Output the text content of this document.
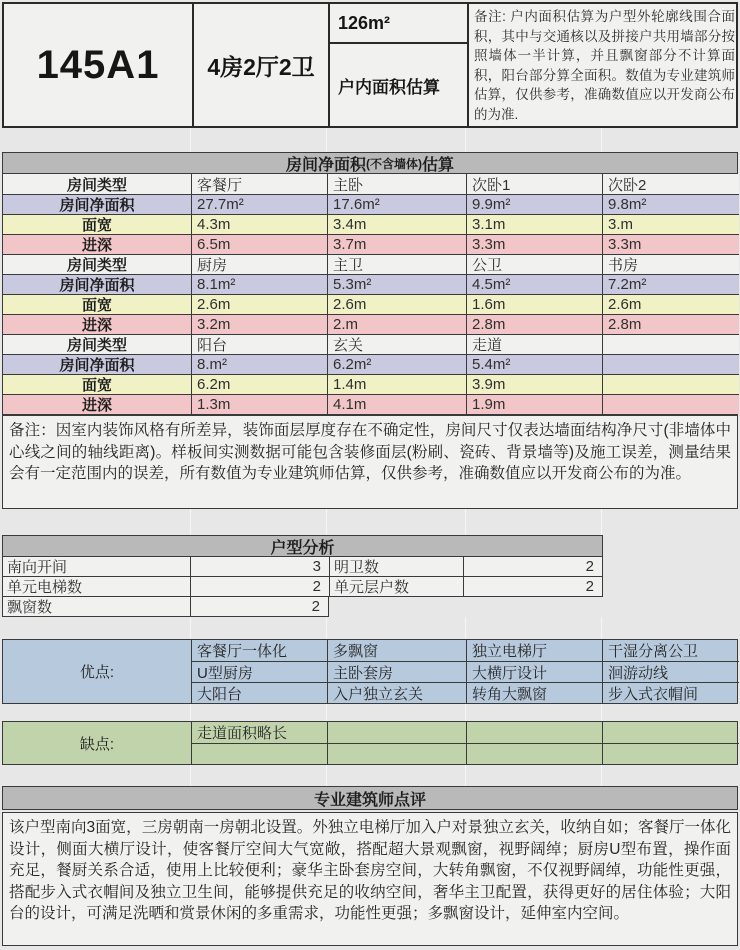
145A1	4房2厅2卫
126m²
户内面积估算
备注: 户内面积估算为户型外轮廓线围合面积，其中与交通核以及拼接户共用墙部分按照墙体一半计算，并且飘窗部分不计算面积，阳台部分算全面积。数值为专业建筑师估算，仅供参考，准确数值应以开发商公布的为准.
房间净面积 (不含墙体) 估算
房间类型	客餐厅	主卧	次卧1	次卧2
房间净面积	27.7m²	17.6m²	9.9m²	9.8m²
面宽	4.3m	3.4m	3.1m	3.m
进深	6.5m	3.7m	3.3m	3.3m
房间类型	厨房	主卫	公卫	书房
房间净面积	8.1m²	5.3m²	4.5m²	7.2m²
面宽	2.6m	2.6m	1.6m	2.6m
进深	3.2m	2.m	2.8m	2.8m
房间类型	阳台	玄关	走道
房间净面积	8.m²	6.2m²	5.4m²
面宽	6.2m	1.4m	3.9m
进深	1.3m	4.1m	1.9m
备注：因室内装饰风格有所差异，装饰面层厚度存在不确定性，房间尺寸仅表达墙面结构净尺寸(非墙体中心线之间的轴线距离)。样板间实测数据可能包含装修面层(粉刷、瓷砖、背景墙等)及施工误差，测量结果会有一定范围内的误差，所有数值为专业建筑师估算，仅供参考，准确数值应以开发商公布的为准。
户型分析
南向开间	3 明卫数	2
单元电梯数	2 单元层户数	2
飘窗数	2
优点:
客餐厅一体化	多飘窗	独立电梯厅	干湿分离公卫
U型厨房	主卧套房	大横厅设计	洄游动线
大阳台	入户独立玄关	转角大飘窗	步入式衣帽间
缺点:
走道面积略长
专业建筑师点评
该户型南向3面宽，三房朝南一房朝北设置。外独立电梯厅加入户对景独立玄关，收纳自如；客餐厅一体化设计，侧面大横厅设计，使客餐厅空间大气宽敞，搭配超大景观飘窗，视野阔绰；厨房U型布置，操作面充足，餐厨关系合适，使用上比较便利；豪华主卧套房空间，大转角飘窗，不仅视野阔绰，功能性更强，搭配步入式衣帽间及独立卫生间，能够提供充足的收纳空间，奢华主卫配置，获得更好的居住体验；大阳台的设计，可满足洗晒和赏景休闲的多重需求，功能性更强；多飘窗设计，延伸室内空间。
